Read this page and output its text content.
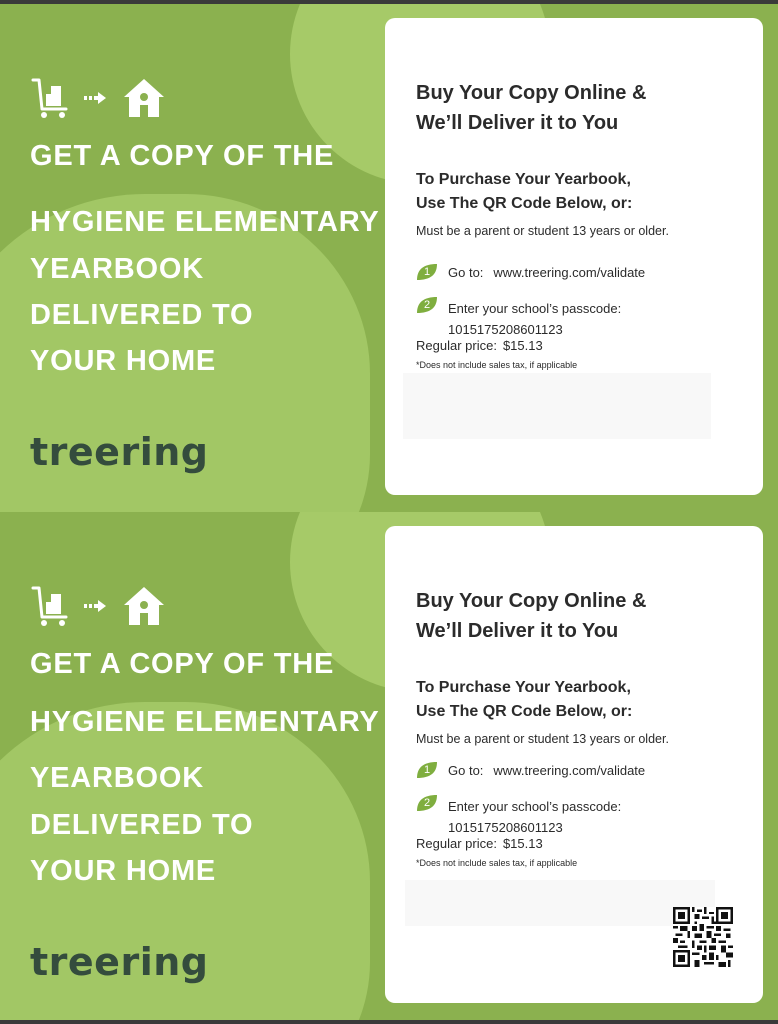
GET A COPY OF THE

HYGIENE ELEMENTARY

YEARBOOK

DELIVERED TO

YOUR HOME

treering

Buy Your Copy Online &
We’ll Deliver it to You

To Purchase Your Yearbook,
Use The QR Code Below, or:

Must be a parent or student 13 years or older.

1	Go to: www.treering.com/validate
2	Enter your school’s passcode:
1015175208601123
Regular price: $15.13
*Does not include sales tax, if applicable

GET A COPY OF THE

HYGIENE ELEMENTARY

YEARBOOK

DELIVERED TO

YOUR HOME

treering

Buy Your Copy Online &
We’ll Deliver it to You

To Purchase Your Yearbook,
Use The QR Code Below, or:

Must be a parent or student 13 years or older.

1	Go to: www.treering.com/validate
2	Enter your school’s passcode:
1015175208601123
Regular price: $15.13
*Does not include sales tax, if applicable
